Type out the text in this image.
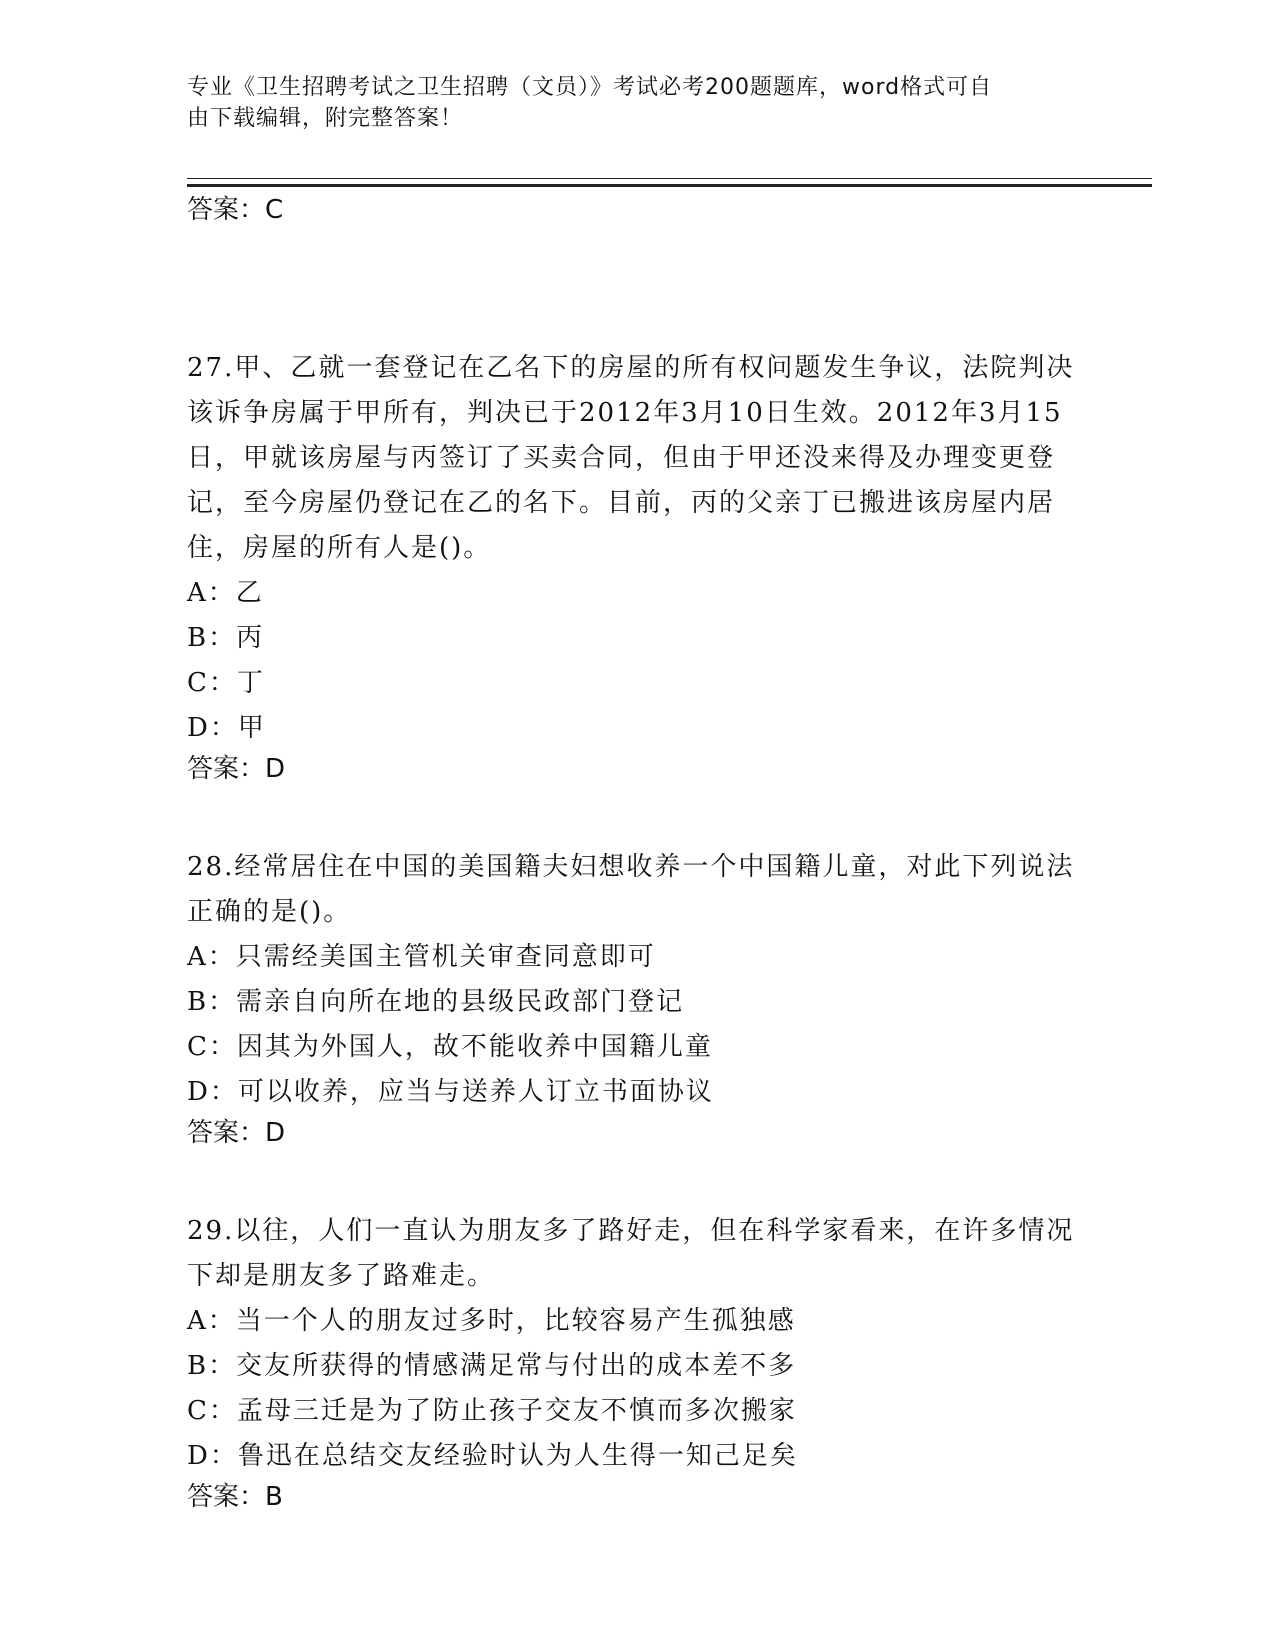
专业《卫生招聘考试之卫生招聘（文员）》考试必考200题题库，word格式可自
由下载编辑，附完整答案！

答案：C

27.甲、乙就一套登记在乙名下的房屋的所有权问题发生争议，法院判决该诉争房属于甲所有，判决已于2012年3月10日生效。2012年3月15日，甲就该房屋与丙签订了买卖合同，但由于甲还没来得及办理变更登记，至今房屋仍登记在乙的名下。目前，丙的父亲丁已搬进该房屋内居住，房屋的所有人是()。

A：乙

B：丙

C：丁

D：甲

答案：D

28.经常居住在中国的美国籍夫妇想收养一个中国籍儿童，对此下列说法正确的是()。

A：只需经美国主管机关审查同意即可

B：需亲自向所在地的县级民政部门登记

C：因其为外国人，故不能收养中国籍儿童

D：可以收养，应当与送养人订立书面协议

答案：D

29.以往，人们一直认为朋友多了路好走，但在科学家看来，在许多情况下却是朋友多了路难走。

A：当一个人的朋友过多时，比较容易产生孤独感

B：交友所获得的情感满足常与付出的成本差不多

C：孟母三迁是为了防止孩子交友不慎而多次搬家

D：鲁迅在总结交友经验时认为人生得一知己足矣

答案：B
